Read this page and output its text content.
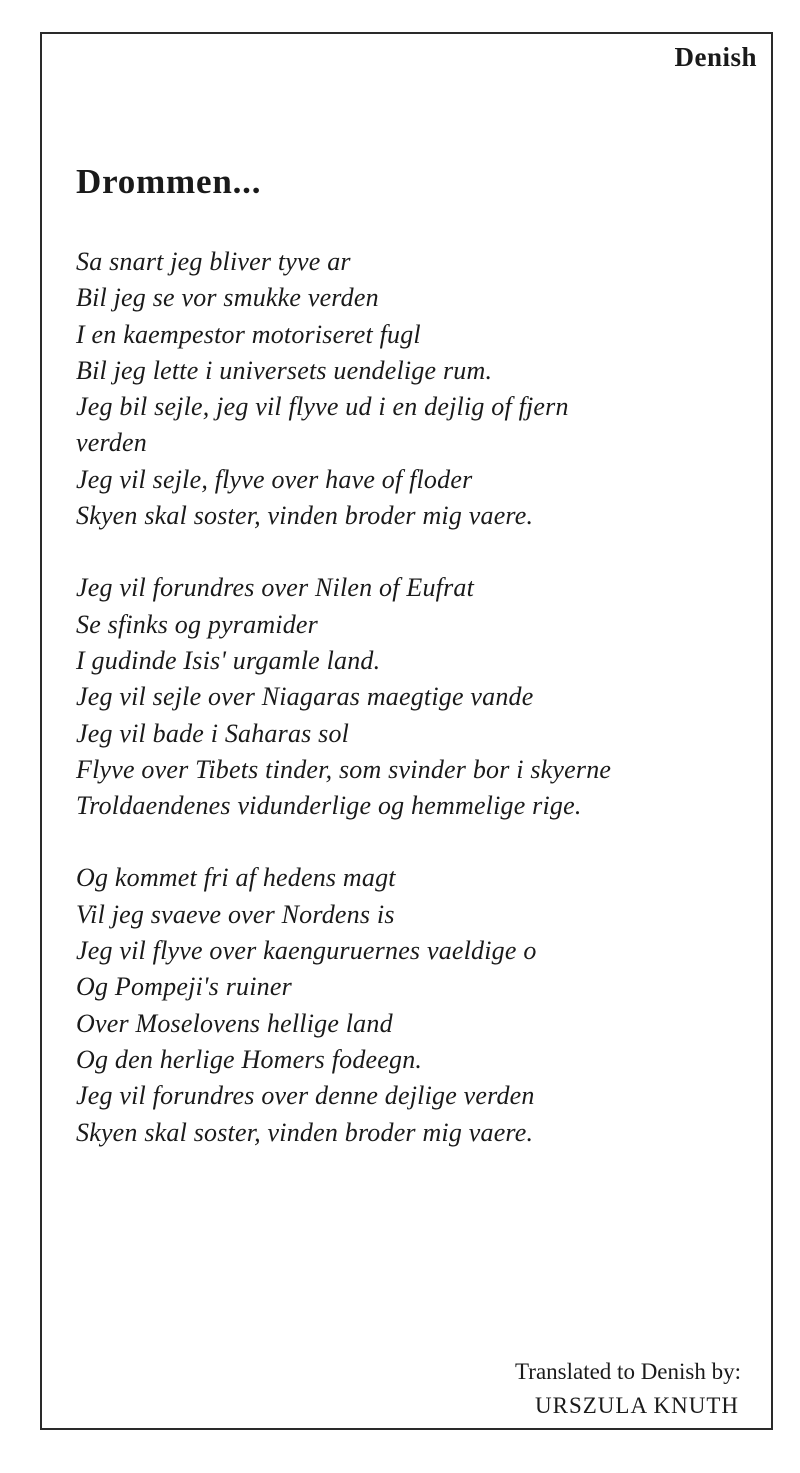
Denish

Drommen...
Sa snart jeg bliver tyve ar
Bil jeg se vor smukke verden
I en kaempestor motoriseret fugl
Bil jeg lette i universets uendelige rum.
Jeg bil sejle, jeg vil flyve ud i en dejlig of fjern
verden
Jeg vil sejle, flyve over have of floder
Skyen skal soster, vinden broder mig vaere.
Jeg vil forundres over Nilen of Eufrat
Se sfinks og pyramider
I gudinde Isis' urgamle land.
Jeg vil sejle over Niagaras maegtige vande
Jeg vil bade i Saharas sol
Flyve over Tibets tinder, som svinder bor i skyerne
Troldaendenes vidunderlige og hemmelige rige.
Og kommet fri af hedens magt
Vil jeg svaeve over Nordens is
Jeg vil flyve over kaenguruernes vaeldige o
Og Pompeji's ruiner
Over Moselovens hellige land
Og den herlige Homers fodeegn.
Jeg vil forundres over denne dejlige verden
Skyen skal soster, vinden broder mig vaere.
Translated to Denish by:
URSZULA KNUTH
